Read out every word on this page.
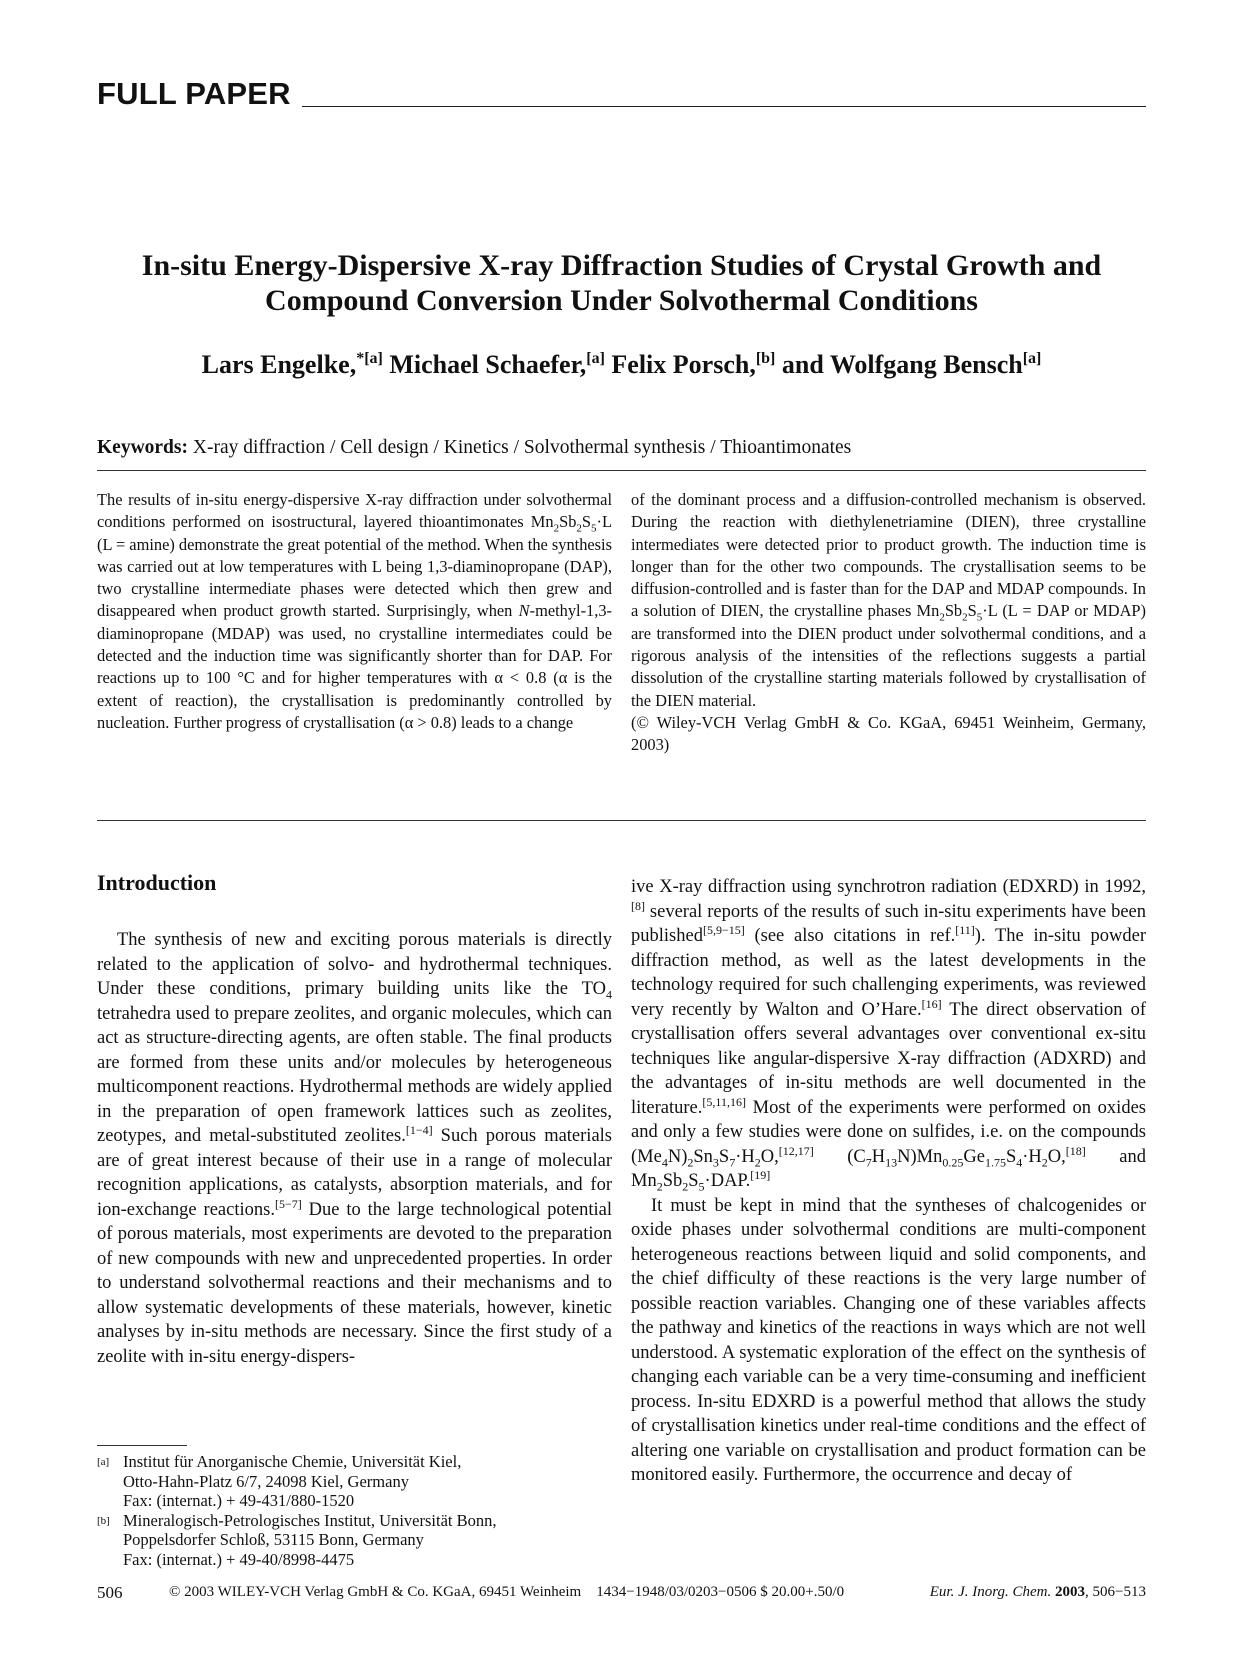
FULL PAPER
In-situ Energy-Dispersive X-ray Diffraction Studies of Crystal Growth and Compound Conversion Under Solvothermal Conditions
Lars Engelke,$^{*[a]}$ Michael Schaefer,[a] Felix Porsch,[b] and Wolfgang Bensch[a]
Keywords: X-ray diffraction / Cell design / Kinetics / Solvothermal synthesis / Thioantimonates
The results of in-situ energy-dispersive X-ray diffraction under solvothermal conditions performed on isostructural, layered thioantimonates $Mn_2Sb_2S_5\cdot L$ (L = amine) demonstrate the great potential of the method. When the synthesis was carried out at low temperatures with L being 1,3-diaminopropane (DAP), two crystalline intermediate phases were detected which then grew and disappeared when product growth started. Surprisingly, when N-methyl-1,3-diaminopropane (MDAP) was used, no crystalline intermediates could be detected and the induction time was significantly shorter than for DAP. For reactions up to 100 °C and for higher temperatures with α < 0.8 (α is the extent of reaction), the crystallisation is predominantly controlled by nucleation. Further progress of crystallisation (α > 0.8) leads to a change
of the dominant process and a diffusion-controlled mechanism is observed. During the reaction with diethylenetriamine (DIEN), three crystalline intermediates were detected prior to product growth. The induction time is longer than for the other two compounds. The crystallisation seems to be diffusion-controlled and is faster than for the DAP and MDAP compounds. In a solution of DIEN, the crystalline phases $Mn_2Sb_2S_5\cdot L$ (L = DAP or MDAP) are transformed into the DIEN product under solvothermal conditions, and a rigorous analysis of the intensities of the reflections suggests a partial dissolution of the crystalline starting materials followed by crystallisation of the DIEN material.
(© Wiley-VCH Verlag GmbH & Co. KGaA, 69451 Weinheim, Germany, 2003)
Introduction

The synthesis of new and exciting porous materials is directly related to the application of solvo- and hydrothermal techniques. Under these conditions, primary building units like the $TO_4$ tetrahedra used to prepare zeolites, and organic molecules, which can act as structure-directing agents, are often stable. The final products are formed from these units and/or molecules by heterogeneous multicomponent reactions. Hydrothermal methods are widely applied in the preparation of open framework lattices such as zeolites, zeotypes, and metal-substituted zeolites.[1−4] Such porous materials are of great interest because of their use in a range of molecular recognition applications, as catalysts, absorption materials, and for ion-exchange reactions.[5−7] Due to the large technological potential of porous materials, most experiments are devoted to the preparation of new compounds with new and unprecedented properties. In order to understand solvothermal reactions and their mechanisms and to allow systematic developments of these materials, however, kinetic analyses by in-situ methods are necessary. Since the first study of a zeolite with in-situ energy-dispers-

ive X-ray diffraction using synchrotron radiation (EDXRD) in 1992,[8] several reports of the results of such in-situ experiments have been published[5,9−15] (see also citations in ref.[11]). The in-situ powder diffraction method, as well as the latest developments in the technology required for such challenging experiments, was reviewed very recently by Walton and O’Hare.[16] The direct observation of crystallisation offers several advantages over conventional ex-situ techniques like angular-dispersive X-ray diffraction (ADXRD) and the advantages of in-situ methods are well documented in the literature.[5,11,16] Most of the experiments were performed on oxides and only a few studies were done on sulfides, i.e. on the compounds $(Me_4N)_2Sn_3S_7\cdot H_2O,[12,17]$ $(C_7H_{13}N)Mn_{0.25}Ge_{1.75}S_4\cdot H_2O,[18]$ and $Mn_2Sb_2S_5\cdot DAP.[19]$

It must be kept in mind that the syntheses of chalcogenides or oxide phases under solvothermal conditions are multi-component heterogeneous reactions between liquid and solid components, and the chief difficulty of these reactions is the very large number of possible reaction variables. Changing one of these variables affects the pathway and kinetics of the reactions in ways which are not well understood. A systematic exploration of the effect on the synthesis of changing each variable can be a very time-consuming and inefficient process. In-situ EDXRD is a powerful method that allows the study of crystallisation kinetics under real-time conditions and the effect of altering one variable on crystallisation and product formation can be monitored easily. Furthermore, the occurrence and decay of

[a] Institut für Anorganische Chemie, Universität Kiel,
Otto-Hahn-Platz 6/7, 24098 Kiel, Germany
Fax: (internat.) + 49-431/880-1520
[b] Mineralogisch-Petrologisches Institut, Universität Bonn,
Poppelsdorfer Schloß, 53115 Bonn, Germany
Fax: (internat.) + 49-40/8998-4475
506	© 2003 WILEY-VCH Verlag GmbH & Co. KGaA, 69451 Weinheim 1434−1948/03/0203−0506 $ 20.00+.50/0	Eur. J. Inorg. Chem. 2003, 506−513
